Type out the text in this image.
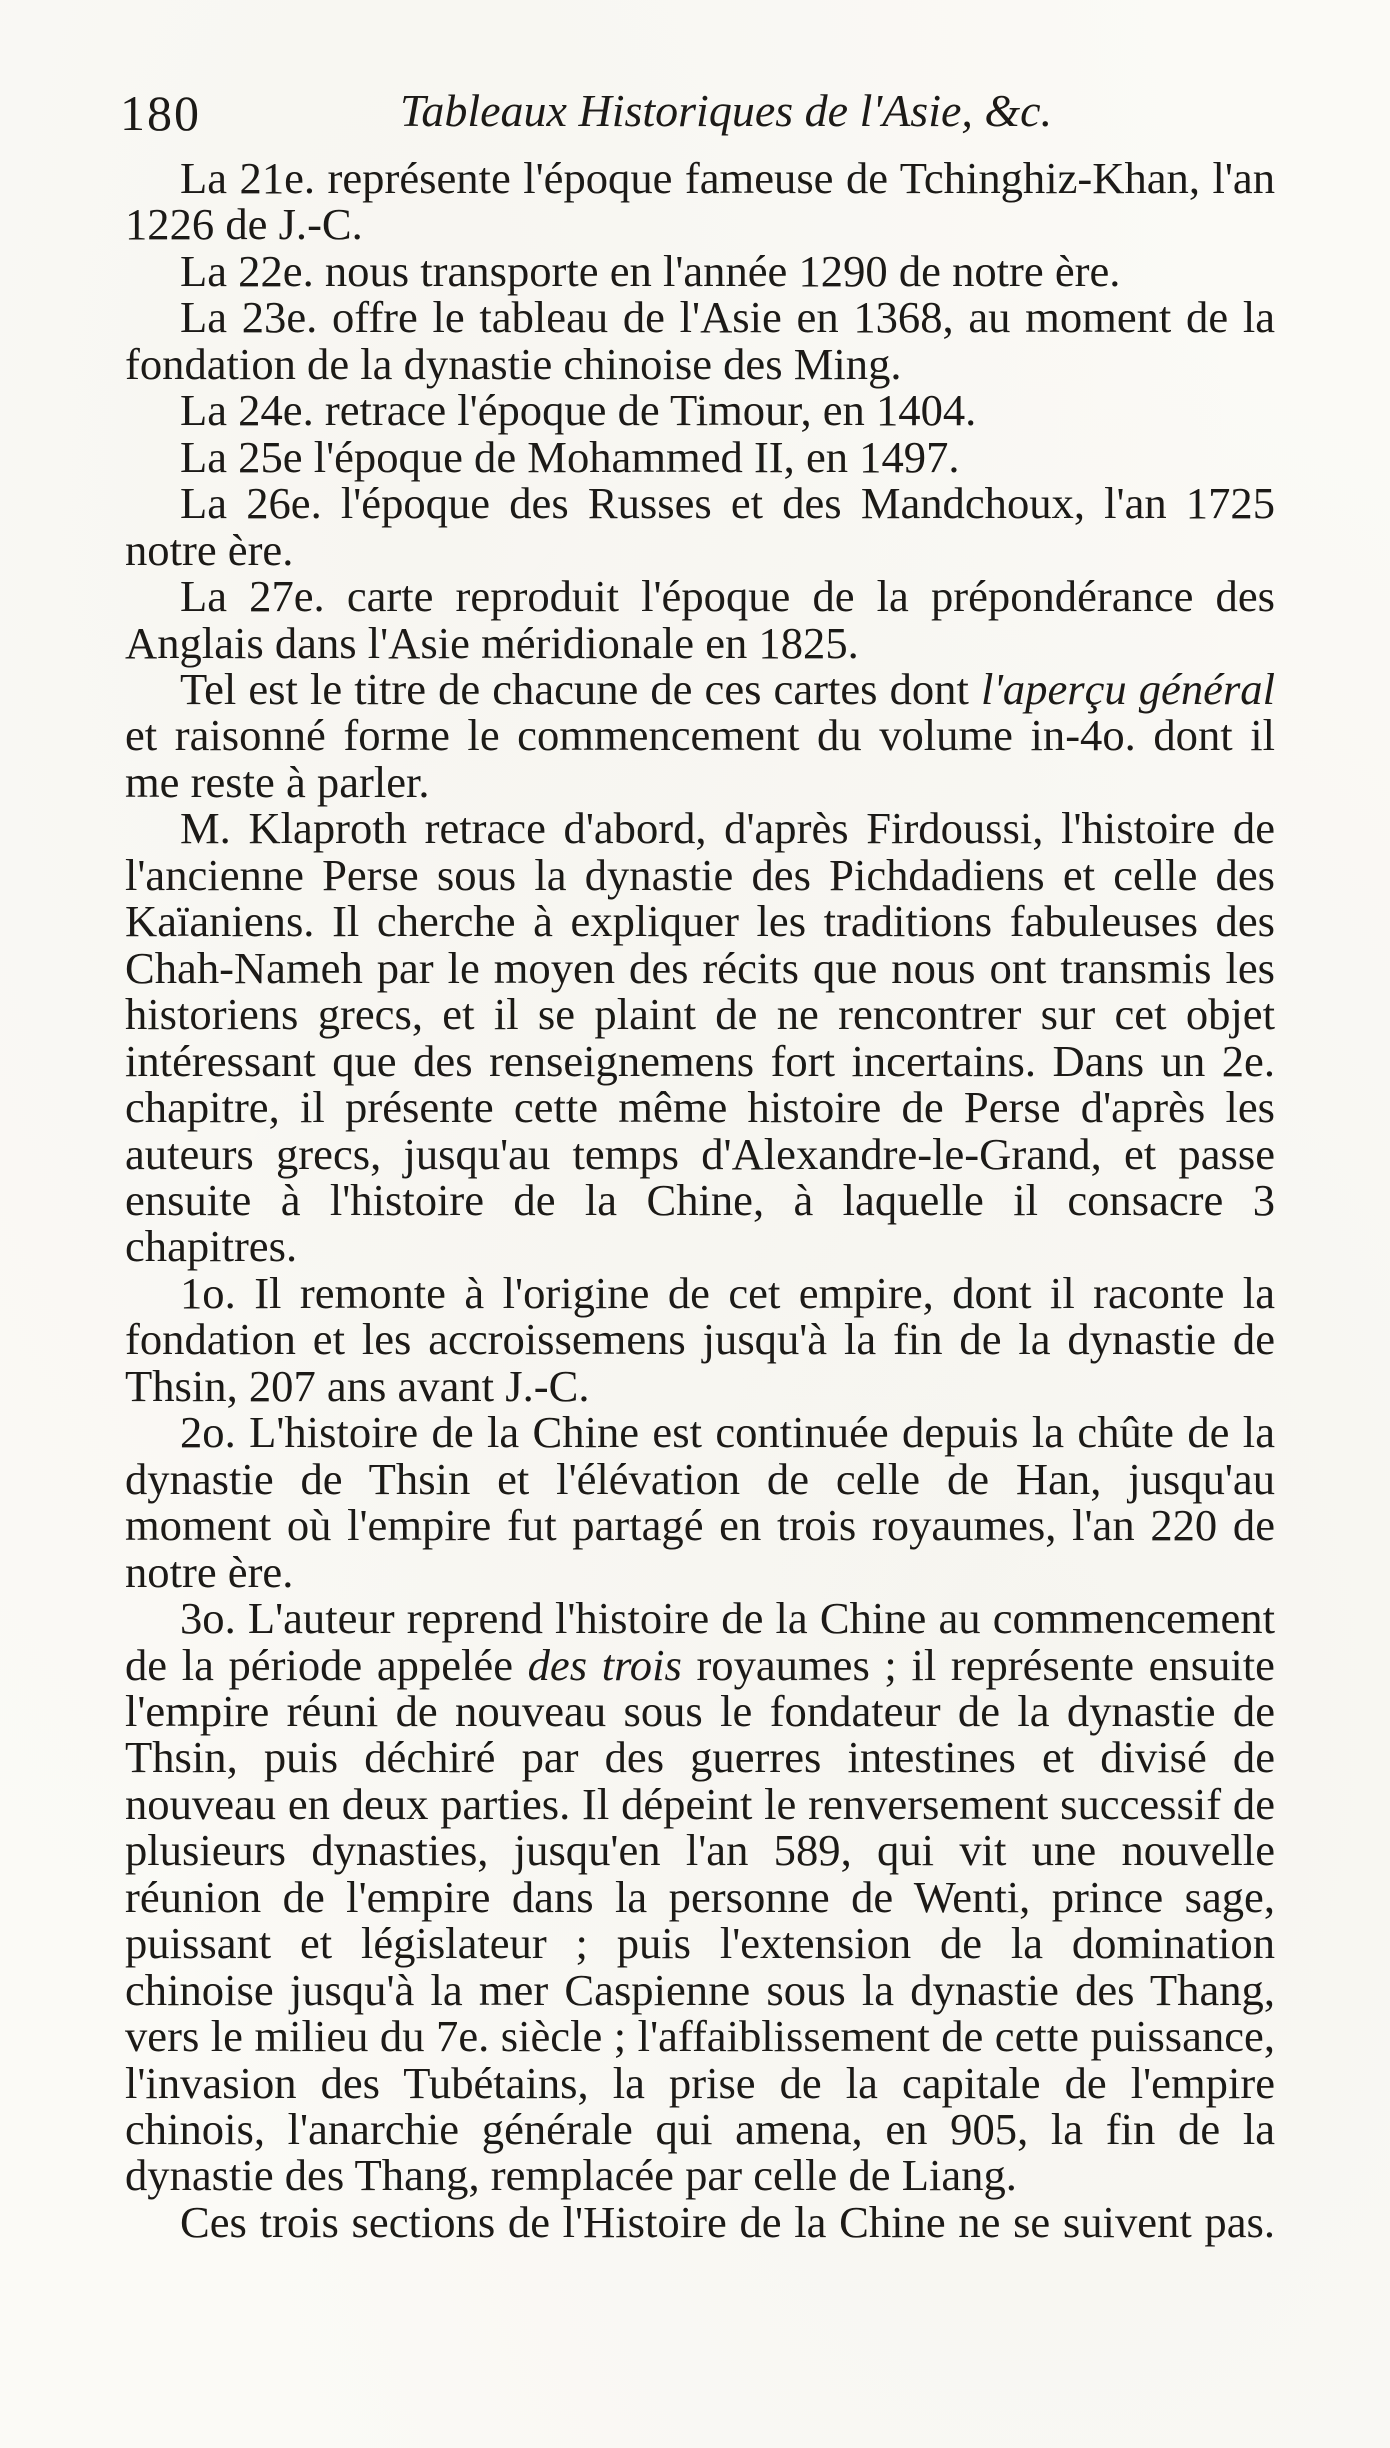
180	Tableaux Historiques de l'Asie, &c.

La 21e. représente l'époque fameuse de Tchinghiz-Khan, l'an 1226 de J.-C.

La 22e. nous transporte en l'année 1290 de notre ère.

La 23e. offre le tableau de l'Asie en 1368, au moment de la fondation de la dynastie chinoise des Ming.

La 24e. retrace l'époque de Timour, en 1404.

La 25e l'époque de Mohammed II, en 1497.

La 26e. l'époque des Russes et des Mandchoux, l'an 1725 notre ère.

La 27e. carte reproduit l'époque de la prépondérance des Anglais dans l'Asie méridionale en 1825.

Tel est le titre de chacune de ces cartes dont l'aperçu général et raisonné forme le commencement du volume in-4o. dont il me reste à parler.

M. Klaproth retrace d'abord, d'après Firdoussi, l'histoire de l'ancienne Perse sous la dynastie des Pichdadiens et celle des Kaïaniens. Il cherche à expliquer les traditions fabuleuses des Chah-Nameh par le moyen des récits que nous ont transmis les historiens grecs, et il se plaint de ne rencontrer sur cet objet intéressant que des renseignemens fort incertains. Dans un 2e. chapitre, il présente cette même histoire de Perse d'après les auteurs grecs, jusqu'au temps d'Alexandre-le-Grand, et passe ensuite à l'histoire de la Chine, à laquelle il consacre 3 chapitres.

1o. Il remonte à l'origine de cet empire, dont il raconte la fondation et les accroissemens jusqu'à la fin de la dynastie de Thsin, 207 ans avant J.-C.

2o. L'histoire de la Chine est continuée depuis la chûte de la dynastie de Thsin et l'élévation de celle de Han, jusqu'au moment où l'empire fut partagé en trois royaumes, l'an 220 de notre ère.

3o. L'auteur reprend l'histoire de la Chine au commencement de la période appelée des trois royaumes ; il représente ensuite l'empire réuni de nouveau sous le fondateur de la dynastie de Thsin, puis déchiré par des guerres intestines et divisé de nouveau en deux parties. Il dépeint le renversement successif de plusieurs dynasties, jusqu'en l'an 589, qui vit une nouvelle réunion de l'empire dans la personne de Wenti, prince sage, puissant et législateur ; puis l'extension de la domination chinoise jusqu'à la mer Caspienne sous la dynastie des Thang, vers le milieu du 7e. siècle ; l'affaiblissement de cette puissance, l'invasion des Tubétains, la prise de la capitale de l'empire chinois, l'anarchie générale qui amena, en 905, la fin de la dynastie des Thang, remplacée par celle de Liang.

Ces trois sections de l'Histoire de la Chine ne se suivent pas.
